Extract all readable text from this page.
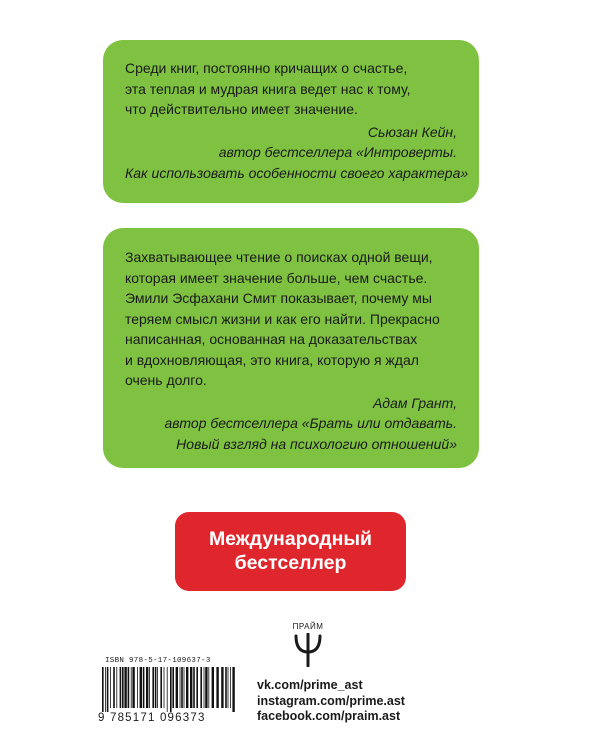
Среди книг, постоянно кричащих о счастье,
эта теплая и мудрая книга ведет нас к тому,
что действительно имеет значение.
Сьюзан Кейн,
автор бестселлера «Интроверты.
Как использовать особенности своего характера»
Захватывающее чтение о поисках одной вещи,
которая имеет значение больше, чем счастье.
Эмили Эсфахани Смит показывает, почему мы
теряем смысл жизни и как его найти. Прекрасно
написанная, основанная на доказательствах
и вдохновляющая, это книга, которую я ждал
очень долго.
Адам Грант,
автор бестселлера «Брать или отдавать.
Новый взгляд на психологию отношений»
Международный
бестселлер
ПРАЙМ
vk.com/prime_ast
instagram.com/prime.ast
facebook.com/praim.ast
ISBN 978-5-17-109637-3
9 785171 096373
